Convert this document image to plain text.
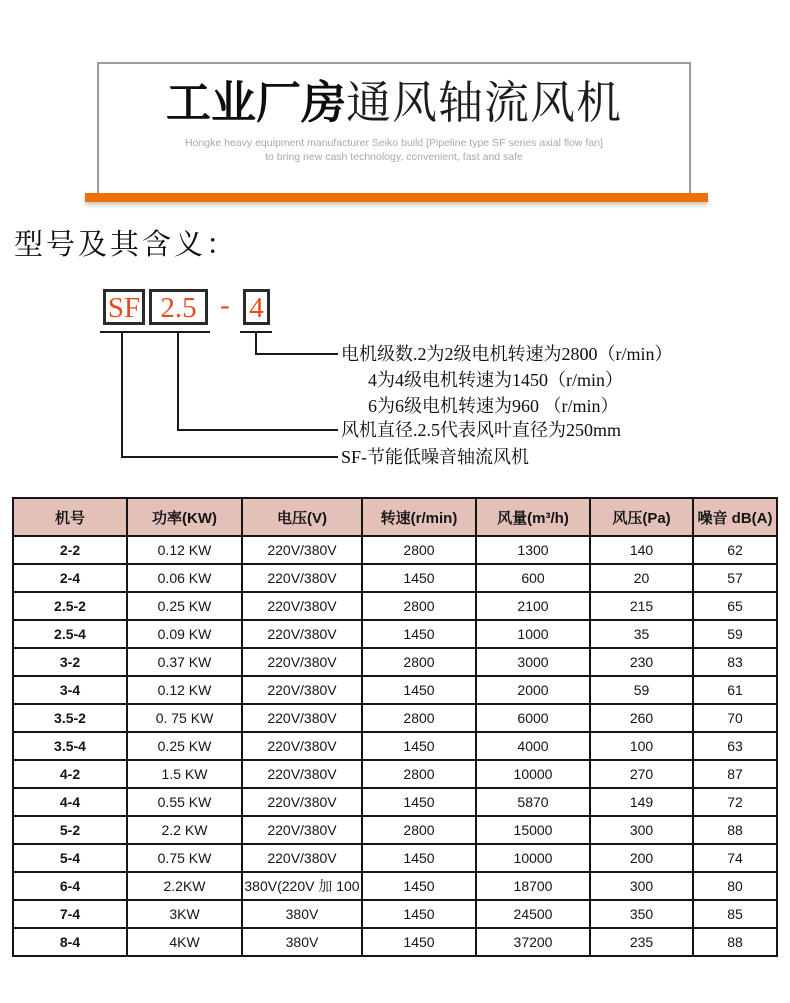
工业厂房通风轴流风机
Hongke heavy equipment manufacturer Seiko build [Pipeline type SF series axial flow fan]
to bring new cash technology, convenient, fast and safe
型号及其含义：
SF 2.5 - 4
电机级数.2为2级电机转速为2800（r/min）
4为4级电机转速为1450（r/min）
6为6级电机转速为960 （r/min）
风机直径.2.5代表风叶直径为250mm
SF-节能低噪音轴流风机
机号	功率(KW)	电压(V)	转速(r/min)	风量(m³/h)	风压(Pa)	噪音 dB(A)
2-2	0.12 KW	220V/380V	2800	1300	140	62
2-4	0.06 KW	220V/380V	1450	600	20	57
2.5-2	0.25 KW	220V/380V	2800	2100	215	65
2.5-4	0.09 KW	220V/380V	1450	1000	35	59
3-2	0.37 KW	220V/380V	2800	3000	230	83
3-4	0.12 KW	220V/380V	1450	2000	59	61
3.5-2	0. 75 KW	220V/380V	2800	6000	260	70
3.5-4	0.25 KW	220V/380V	1450	4000	100	63
4-2	1.5 KW	220V/380V	2800	10000	270	87
4-4	0.55 KW	220V/380V	1450	5870	149	72
5-2	2.2 KW	220V/380V	2800	15000	300	88
5-4	0.75 KW	220V/380V	1450	10000	200	74
6-4	2.2KW	380V(220V 加 100	1450	18700	300	80
7-4	3KW	380V	1450	24500	350	85
8-4	4KW	380V	1450	37200	235	88
